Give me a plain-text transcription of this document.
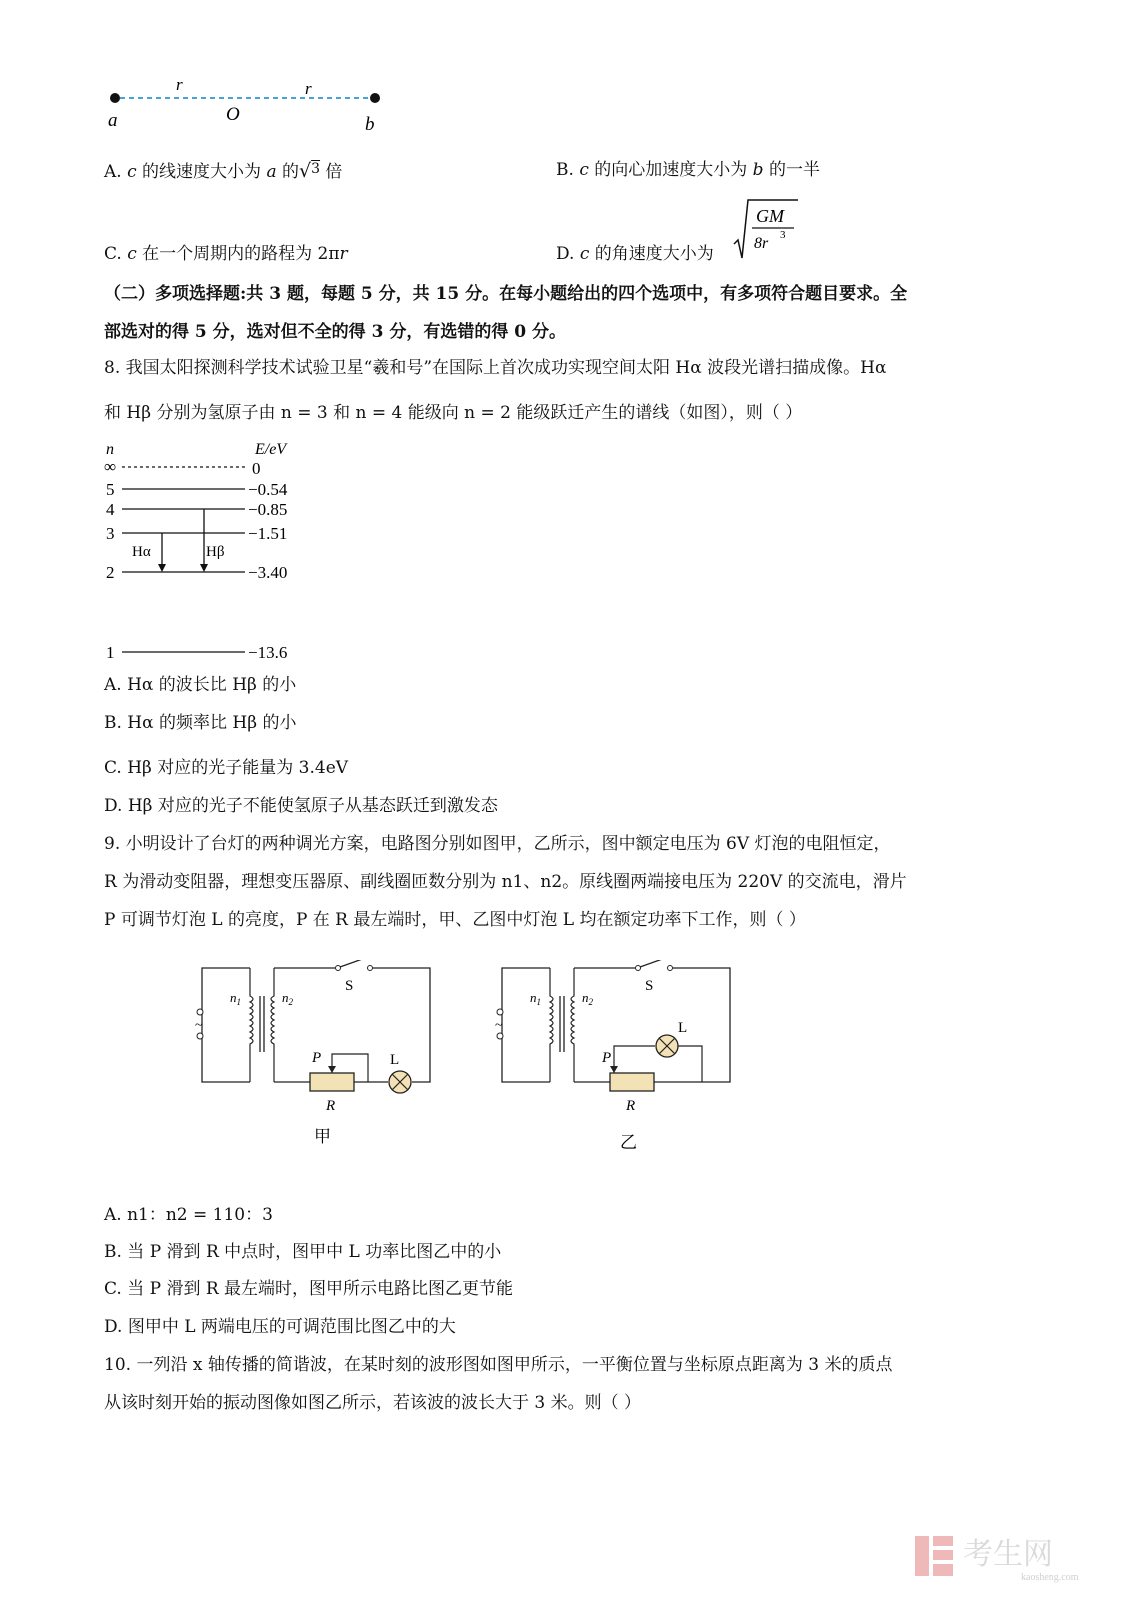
r	r
a	O	b
A. c 的线速度大小为 a 的√$^3$ 倍	B. c 的向心加速度大小为 b 的一半
C. c 在一个周期内的路程为 2πr	D. c 的角速度大小为
GM
8r 3
（二）多项选择题:共 3 题，每题 5 分，共 15 分。在每小题给出的四个选项中，有多项符合题目要求。全
部选对的得 5 分，选对但不全的得 3 分，有选错的得 0 分。
8. 我国太阳探测科学技术试验卫星“羲和号”在国际上首次成功实现空间太阳 Hα 波段光谱扫描成像。Hα
和 Hβ 分别为氢原子由 n = 3 和 n = 4 能级向 n = 2 能级跃迁产生的谱线（如图），则（ ）
n	E/eV
∞	0
5	−0.54
4	−0.85
3	−1.51
2	−3.40
1	−13.6
Hα	Hβ
A. Hα 的波长比 Hβ 的小
B. Hα 的频率比 Hβ 的小
C. Hβ 对应的光子能量为 3.4eV
D. Hβ 对应的光子不能使氢原子从基态跃迁到激发态
9. 小明设计了台灯的两种调光方案，电路图分别如图甲，乙所示，图中额定电压为 6V 灯泡的电阻恒定，
R 为滑动变阻器，理想变压器原、副线圈匝数分别为 n1、n2。原线圈两端接电压为 220V 的交流电，滑片
P 可调节灯泡 L 的亮度，P 在 R 最左端时，甲、乙图中灯泡 L 均在额定功率下工作，则（ ）
~
$n_1$	$n_2$
S
L
P
R
甲
~
$n_1$	$n_2$
S
L
P
R
乙
A. n1：n2 = 110：3
B. 当 P 滑到 R 中点时，图甲中 L 功率比图乙中的小
C. 当 P 滑到 R 最左端时，图甲所示电路比图乙更节能
D. 图甲中 L 两端电压的可调范围比图乙中的大
10. 一列沿 x 轴传播的简谐波，在某时刻的波形图如图甲所示，一平衡位置与坐标原点距离为 3 米的质点
从该时刻开始的振动图像如图乙所示，若该波的波长大于 3 米。则（ ）
考生网
kaosheng.com
